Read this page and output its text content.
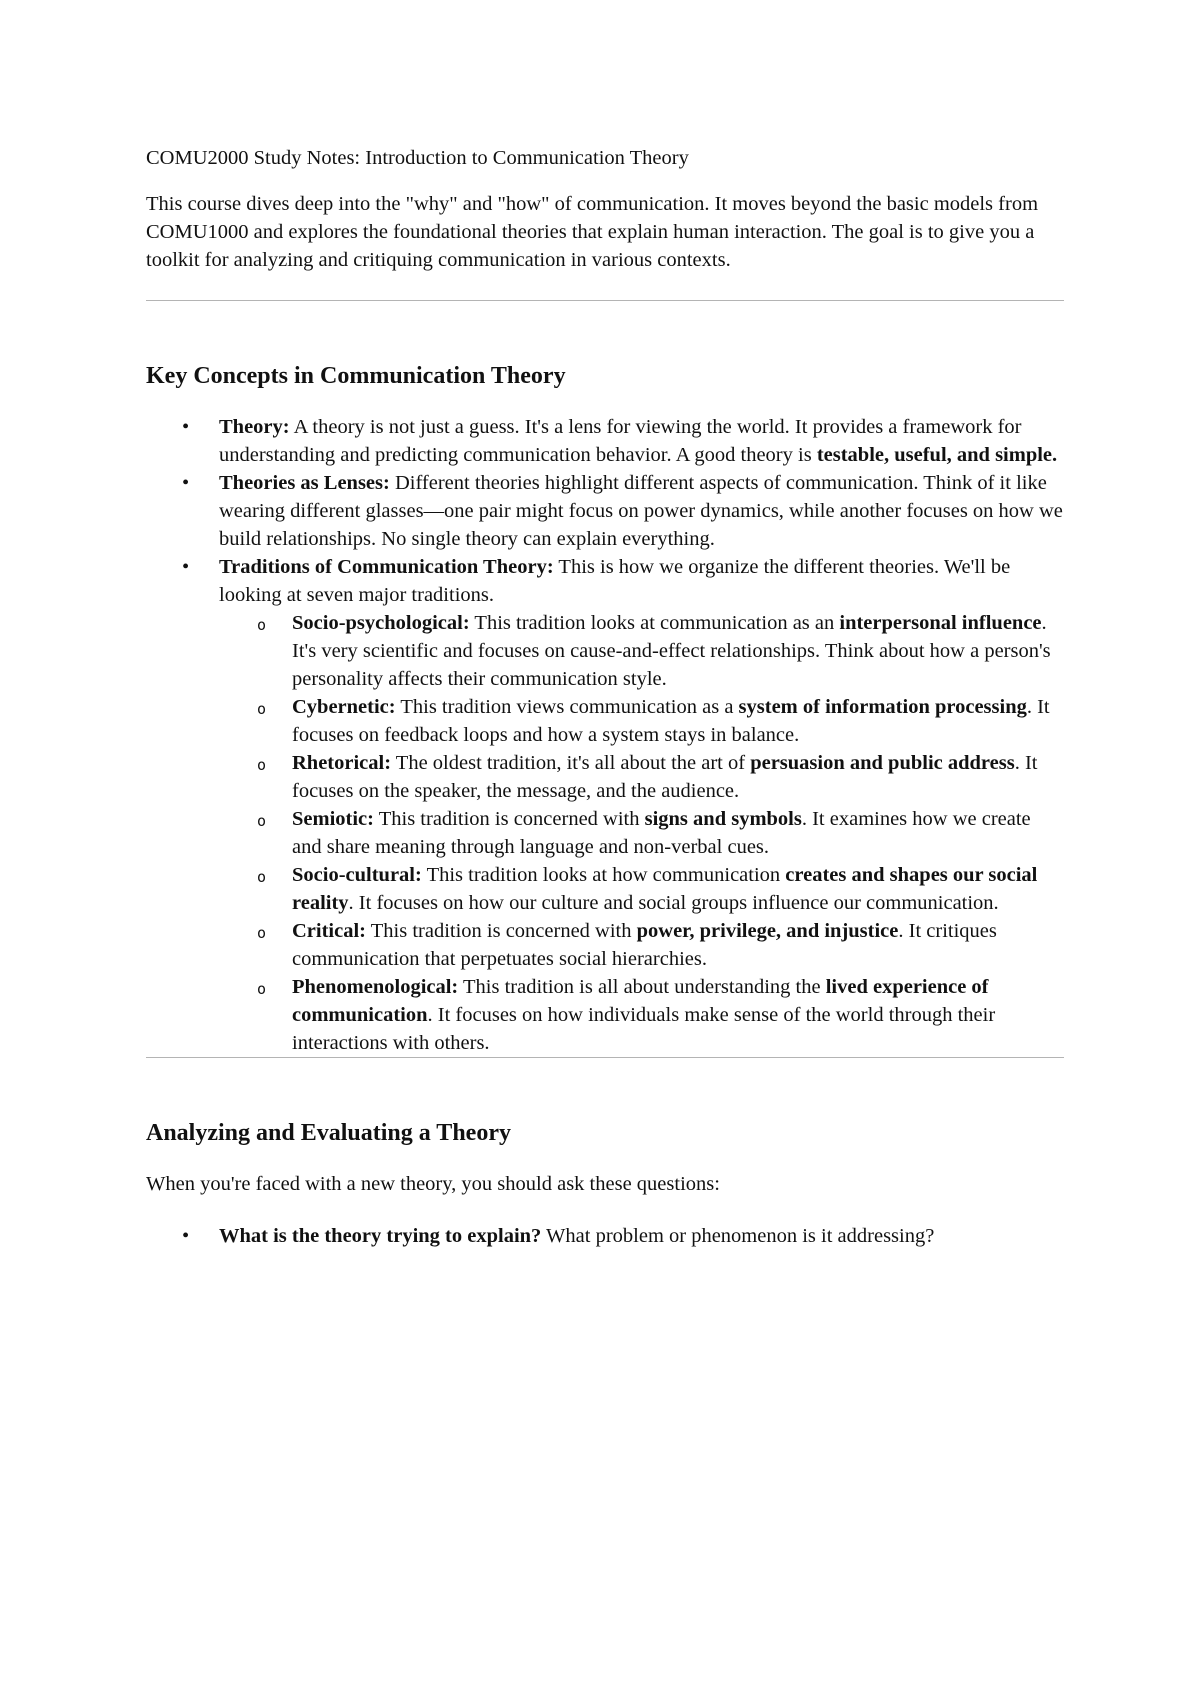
COMU2000 Study Notes: Introduction to Communication Theory

This course dives deep into the "why" and "how" of communication. It moves beyond the basic models from COMU1000 and explores the foundational theories that explain human interaction. The goal is to give you a toolkit for analyzing and critiquing communication in various contexts.

Key Concepts in Communication Theory
• Theory: A theory is not just a guess. It's a lens for viewing the world. It provides a framework for understanding and predicting communication behavior. A good theory is testable, useful, and simple.
• Theories as Lenses: Different theories highlight different aspects of communication. Think of it like wearing different glasses—one pair might focus on power dynamics, while another focuses on how we build relationships. No single theory can explain everything.
• Traditions of Communication Theory: This is how we organize the different theories. We'll be looking at seven major traditions.
o Socio-psychological: This tradition looks at communication as an interpersonal influence. It's very scientific and focuses on cause-and-effect relationships. Think about how a person's personality affects their communication style.
o Cybernetic: This tradition views communication as a system of information processing. It focuses on feedback loops and how a system stays in balance.
o Rhetorical: The oldest tradition, it's all about the art of persuasion and public address. It focuses on the speaker, the message, and the audience.
o Semiotic: This tradition is concerned with signs and symbols. It examines how we create and share meaning through language and non-verbal cues.
o Socio-cultural: This tradition looks at how communication creates and shapes our social reality. It focuses on how our culture and social groups influence our communication.
o Critical: This tradition is concerned with power, privilege, and injustice. It critiques communication that perpetuates social hierarchies.
o Phenomenological: This tradition is all about understanding the lived experience of communication. It focuses on how individuals make sense of the world through their interactions with others.
Analyzing and Evaluating a Theory

When you're faced with a new theory, you should ask these questions:

• What is the theory trying to explain? What problem or phenomenon is it addressing?
